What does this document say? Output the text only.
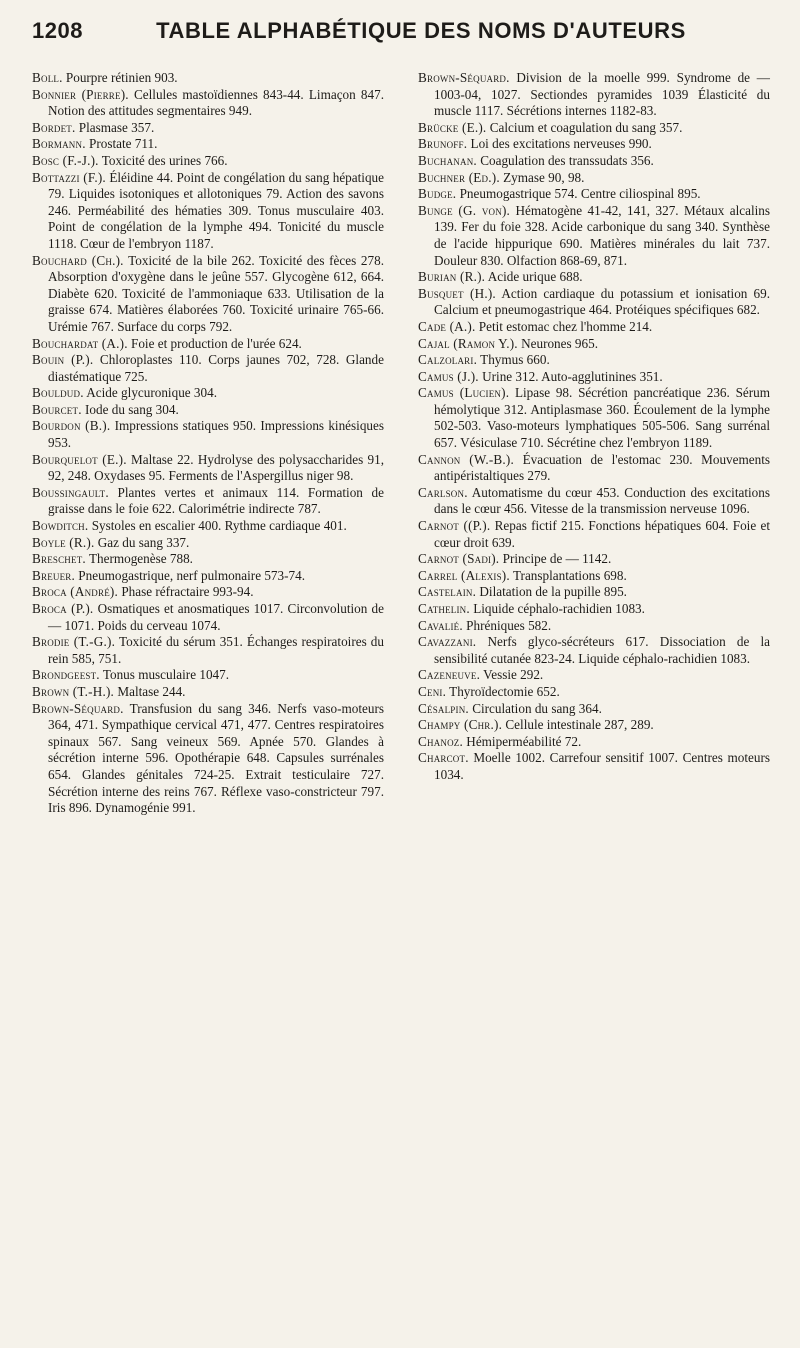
1208	TABLE ALPHABÉTIQUE DES NOMS D'AUTEURS

Boll. Pourpre rétinien 903.

Bonnier (Pierre). Cellules mastoïdiennes 843-44. Limaçon 847. Notion des attitudes segmentaires 949.

Bordet. Plasmase 357.

Bormann. Prostate 711.

Bosc (F.-J.). Toxicité des urines 766.

Bottazzi (F.). Éléidine 44. Point de congélation du sang hépatique 79. Liquides isotoniques et allotoniques 79. Action des savons 246. Perméabilité des hématies 309. Tonus musculaire 403. Point de congélation de la lymphe 494. Tonicité du muscle 1118. Cœur de l'embryon 1187.

Bouchard (Ch.). Toxicité de la bile 262. Toxicité des fèces 278. Absorption d'oxygène dans le jeûne 557. Glycogène 612, 664. Diabète 620. Toxicité de l'ammoniaque 633. Utilisation de la graisse 674. Matières élaborées 760. Toxicité urinaire 765-66. Urémie 767. Surface du corps 792.

Bouchardat (A.). Foie et production de l'urée 624.

Bouin (P.). Chloroplastes 110. Corps jaunes 702, 728. Glande diastématique 725.

Bouldud. Acide glycuronique 304.

Bourcet. Iode du sang 304.

Bourdon (B.). Impressions statiques 950. Impressions kinésiques 953.

Bourquelot (E.). Maltase 22. Hydrolyse des polysaccharides 91, 92, 248. Oxydases 95. Ferments de l'Aspergillus niger 98.

Boussingault. Plantes vertes et animaux 114. Formation de graisse dans le foie 622. Calorimétrie indirecte 787.

Bowditch. Systoles en escalier 400. Rythme cardiaque 401.

Boyle (R.). Gaz du sang 337.

Breschet. Thermogenèse 788.

Breuer. Pneumogastrique, nerf pulmonaire 573-74.

Broca (André). Phase réfractaire 993-94.

Broca (P.). Osmatiques et anosmatiques 1017. Circonvolution de — 1071. Poids du cerveau 1074.

Brodie (T.-G.). Toxicité du sérum 351. Échanges respiratoires du rein 585, 751.

Brondgeest. Tonus musculaire 1047.

Brown (T.-H.). Maltase 244.

Brown-Séquard. Transfusion du sang 346. Nerfs vaso-moteurs 364, 471. Sympathique cervical 471, 477. Centres respiratoires spinaux 567. Sang veineux 569. Apnée 570. Glandes à sécrétion interne 596. Opothérapie 648. Capsules surrénales 654. Glandes génitales 724-25. Extrait testiculaire 727. Sécrétion interne des reins 767. Réflexe vaso-constricteur 797. Iris 896. Dynamogénie 991.

Brown-Séquard. Division de la moelle 999. Syndrome de — 1003-04, 1027. Sectiondes pyramides 1039 Élasticité du muscle 1117. Sécrétions internes 1182-83.

Brücke (E.). Calcium et coagulation du sang 357.

Brunoff. Loi des excitations nerveuses 990.

Buchanan. Coagulation des transsudats 356.

Buchner (Ed.). Zymase 90, 98.

Budge. Pneumogastrique 574. Centre ciliospinal 895.

Bunge (G. von). Hématogène 41-42, 141, 327. Métaux alcalins 139. Fer du foie 328. Acide carbonique du sang 340. Synthèse de l'acide hippurique 690. Matières minérales du lait 737. Douleur 830. Olfaction 868-69, 871.

Burian (R.). Acide urique 688.

Busquet (H.). Action cardiaque du potassium et ionisation 69. Calcium et pneumogastrique 464. Protéiques spécifiques 682.

Cade (A.). Petit estomac chez l'homme 214.

Cajal (Ramon Y.). Neurones 965.

Calzolari. Thymus 660.

Camus (J.). Urine 312. Auto-agglutinines 351.

Camus (Lucien). Lipase 98. Sécrétion pancréatique 236. Sérum hémolytique 312. Antiplasmase 360. Écoulement de la lymphe 502-503. Vaso-moteurs lymphatiques 505-506. Sang surrénal 657. Vésiculase 710. Sécrétine chez l'embryon 1189.

Cannon (W.-B.). Évacuation de l'estomac 230. Mouvements antipéristaltiques 279.

Carlson. Automatisme du cœur 453. Conduction des excitations dans le cœur 456. Vitesse de la transmission nerveuse 1096.

Carnot ((P.). Repas fictif 215. Fonctions hépatiques 604. Foie et cœur droit 639.

Carnot (Sadi). Principe de — 1142.

Carrel (Alexis). Transplantations 698.

Castelain. Dilatation de la pupille 895.

Cathelin. Liquide céphalo-rachidien 1083.

Cavalié. Phréniques 582.

Cavazzani. Nerfs glyco-sécréteurs 617. Dissociation de la sensibilité cutanée 823-24. Liquide céphalo-rachidien 1083.

Cazeneuve. Vessie 292.

Ceni. Thyroïdectomie 652.

Césalpin. Circulation du sang 364.

Champy (Chr.). Cellule intestinale 287, 289.

Chanoz. Hémiperméabilité 72.

Charcot. Moelle 1002. Carrefour sensitif 1007. Centres moteurs 1034.
